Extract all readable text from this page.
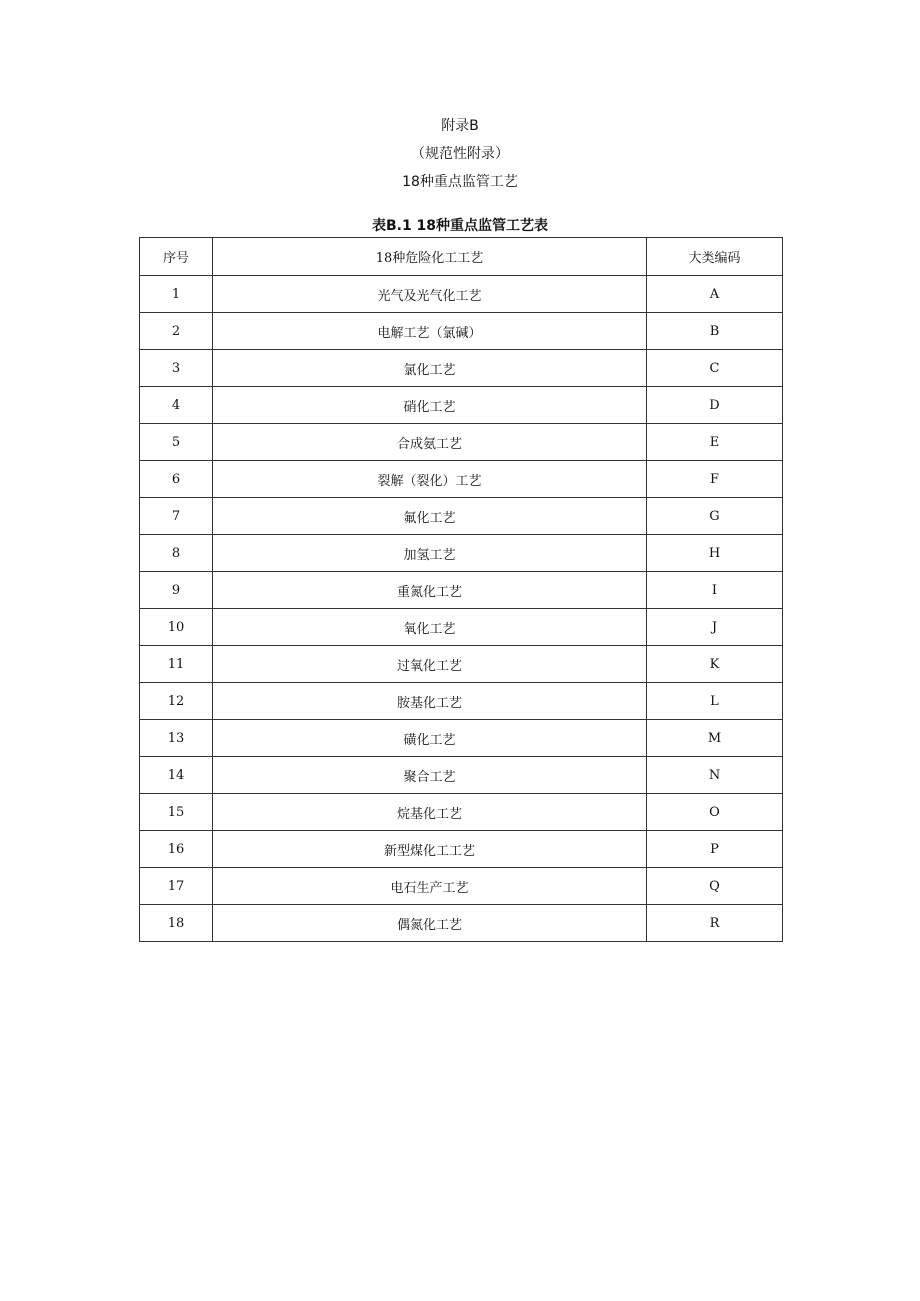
附录B
（规范性附录）
18种重点监管工艺
表B.1 18种重点监管工艺表
序号	18种危险化工工艺	大类编码
1	光气及光气化工艺	A
2	电解工艺（氯碱）	B
3	氯化工艺	C
4	硝化工艺	D
5	合成氨工艺	E
6	裂解（裂化）工艺	F
7	氟化工艺	G
8	加氢工艺	H
9	重氮化工艺	I
10	氧化工艺	J
11	过氧化工艺	K
12	胺基化工艺	L
13	磺化工艺	M
14	聚合工艺	N
15	烷基化工艺	O
16	新型煤化工工艺	P
17	电石生产工艺	Q
18	偶氮化工艺	R
